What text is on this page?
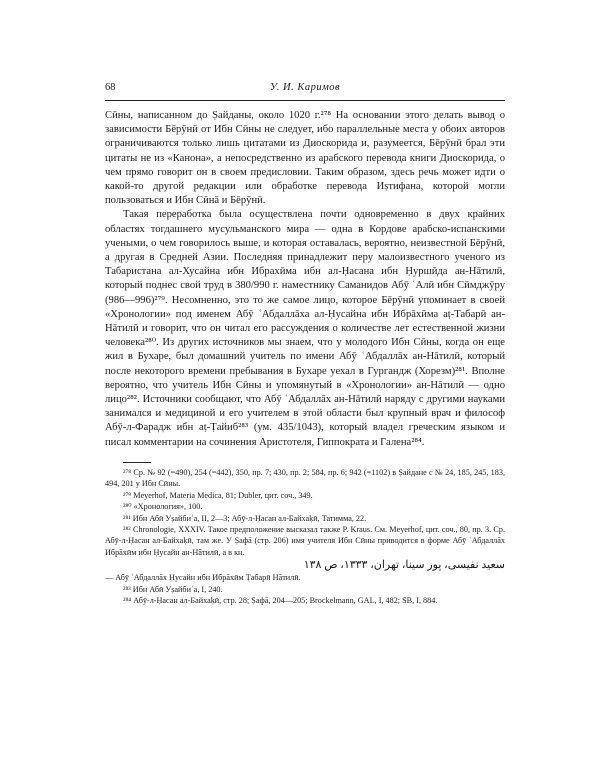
68	У. И. Каримов

Сӣны, написанном до Ṣайданы, около 1020 г.²⁷⁸ На основании этого делать вывод о зависимости Бēрӯнӣ от Ибн Сӣны не следует, ибо параллельные места у обоих авторов ограничиваются только лишь цитатами из Диоскорида и, разумеется, Бēрӯнӣ брал эти цитаты не из «Канона», а непосредственно из арабского перевода книги Диоскорида, о чем прямо говорит он в своем предисловии. Таким образом, здесь речь может идти о какой-то другой редакции или обработке перевода Иṣтифана, которой могли пользоваться и Ибн Сӣнā и Бēрӯнӣ.

Такая переработка была осуществлена почти одновременно в двух крайних областях тогдашнего мусульманского мира — одна в Кордове арабско-испанскими учеными, о чем говорилось выше, и которая оставалась, вероятно, неизвестной Бēрӯнӣ, а другая в Средней Азии. Последняя принадлежит перу малоизвестного ученого из Табаристана ал-Хусайна ибн Ибрахӣма ибн ал-Ḥасана ибн Ḥуршӣда ан-Нāтилӣ, который поднес свой труд в 380/990 г. наместнику Саманидов Абӯ ʿАлӣ ибн Сӣмджӯру (986—996)²⁷⁹. Несомненно, это то же самое лицо, которое Бēрӯнӣ упоминает в своей «Хронологии» под именем Абӯ ʿАбдаллāха ал-Ḥусайна ибн Ибрāхӣма аṭ-Табарӣ ан-Нāтилӣ и говорит, что он читал его рассуждения о количестве лет естественной жизни человека²⁸⁰. Из других источников мы знаем, что у молодого Ибн Сӣны, когда он еще жил в Бухаре, был домашний учитель по имени Абӯ ʿАбдаллāх ан-Нāтилӣ, который после некоторого времени пребывания в Бухаре уехал в Гургандж (Хорезм)²⁸¹. Вполне вероятно, что учитель Ибн Сӣны и упомянутый в «Хронологии» ан-Нāтилӣ — одно лицо²⁸². Источники сообщают, что Абӯ ʿАбдаллāх ан-Нāтилӣ наряду с другими науками занимался и медициной и его учителем в этой области был крупный врач и философ Абӯ-л-Фарадж ибн аṭ-Ṭайиб²⁸³ (ум. 435/1043), который владел греческим языком и писал комментарии на сочинения Аристотеля, Гиппократа и Галена²⁸⁴.

²⁷⁸ Ср. № 92 (=490), 254 (=442), 350, пр. 7; 430, пр. 2; 584, пр. 6; 942 (=1102) в Ṣайдане с № 24, 185, 245, 183, 494, 201 у Ибн Сӣны.

²⁷⁹ Meyerhof, Materia Medica, 81; Dubler, цит. соч., 349.

²⁸⁰ «Хронология», 100.

²⁸¹ Ибн Абӣ Уṣайбиʿа, II, 2—3; Абӯ-л-Ḥасан ал-Байхаḳӣ, Татимма, 22.

²⁸² Chronologie, XXXIV. Такое предположение высказал также P. Kraus. См. Meyerhof, цит. соч., 80, пр. 3. Ср. Абӯ-л-Ḥасан ал-Байхаḳӣ, там же. У Ṣафā (стр. 206) имя учителя Ибн Сӣны приводится в форме Абӯ ʿАбдаллāх Ибрāхӣм ибн Ḥусайн ан-Нāтилӣ, а в кн.

سعید نفیسی، پور سینا، تهران، ۱۳۳۳، ص ۱۳۸

— Абӯ ʿАбдаллāх Ḥусайн ибн Ибрāхӣм Ṭабарӣ Нāтилӣ.

²⁸³ Ибн Абӣ Уṣайбиʿа, I, 240.

²⁸⁴ Абӯ-л-Ḥасан ал-Байхаḳӣ, стр. 28; Ṣафā, 204—205; Brockelmann, GAL, I, 482; SB, I, 884.
